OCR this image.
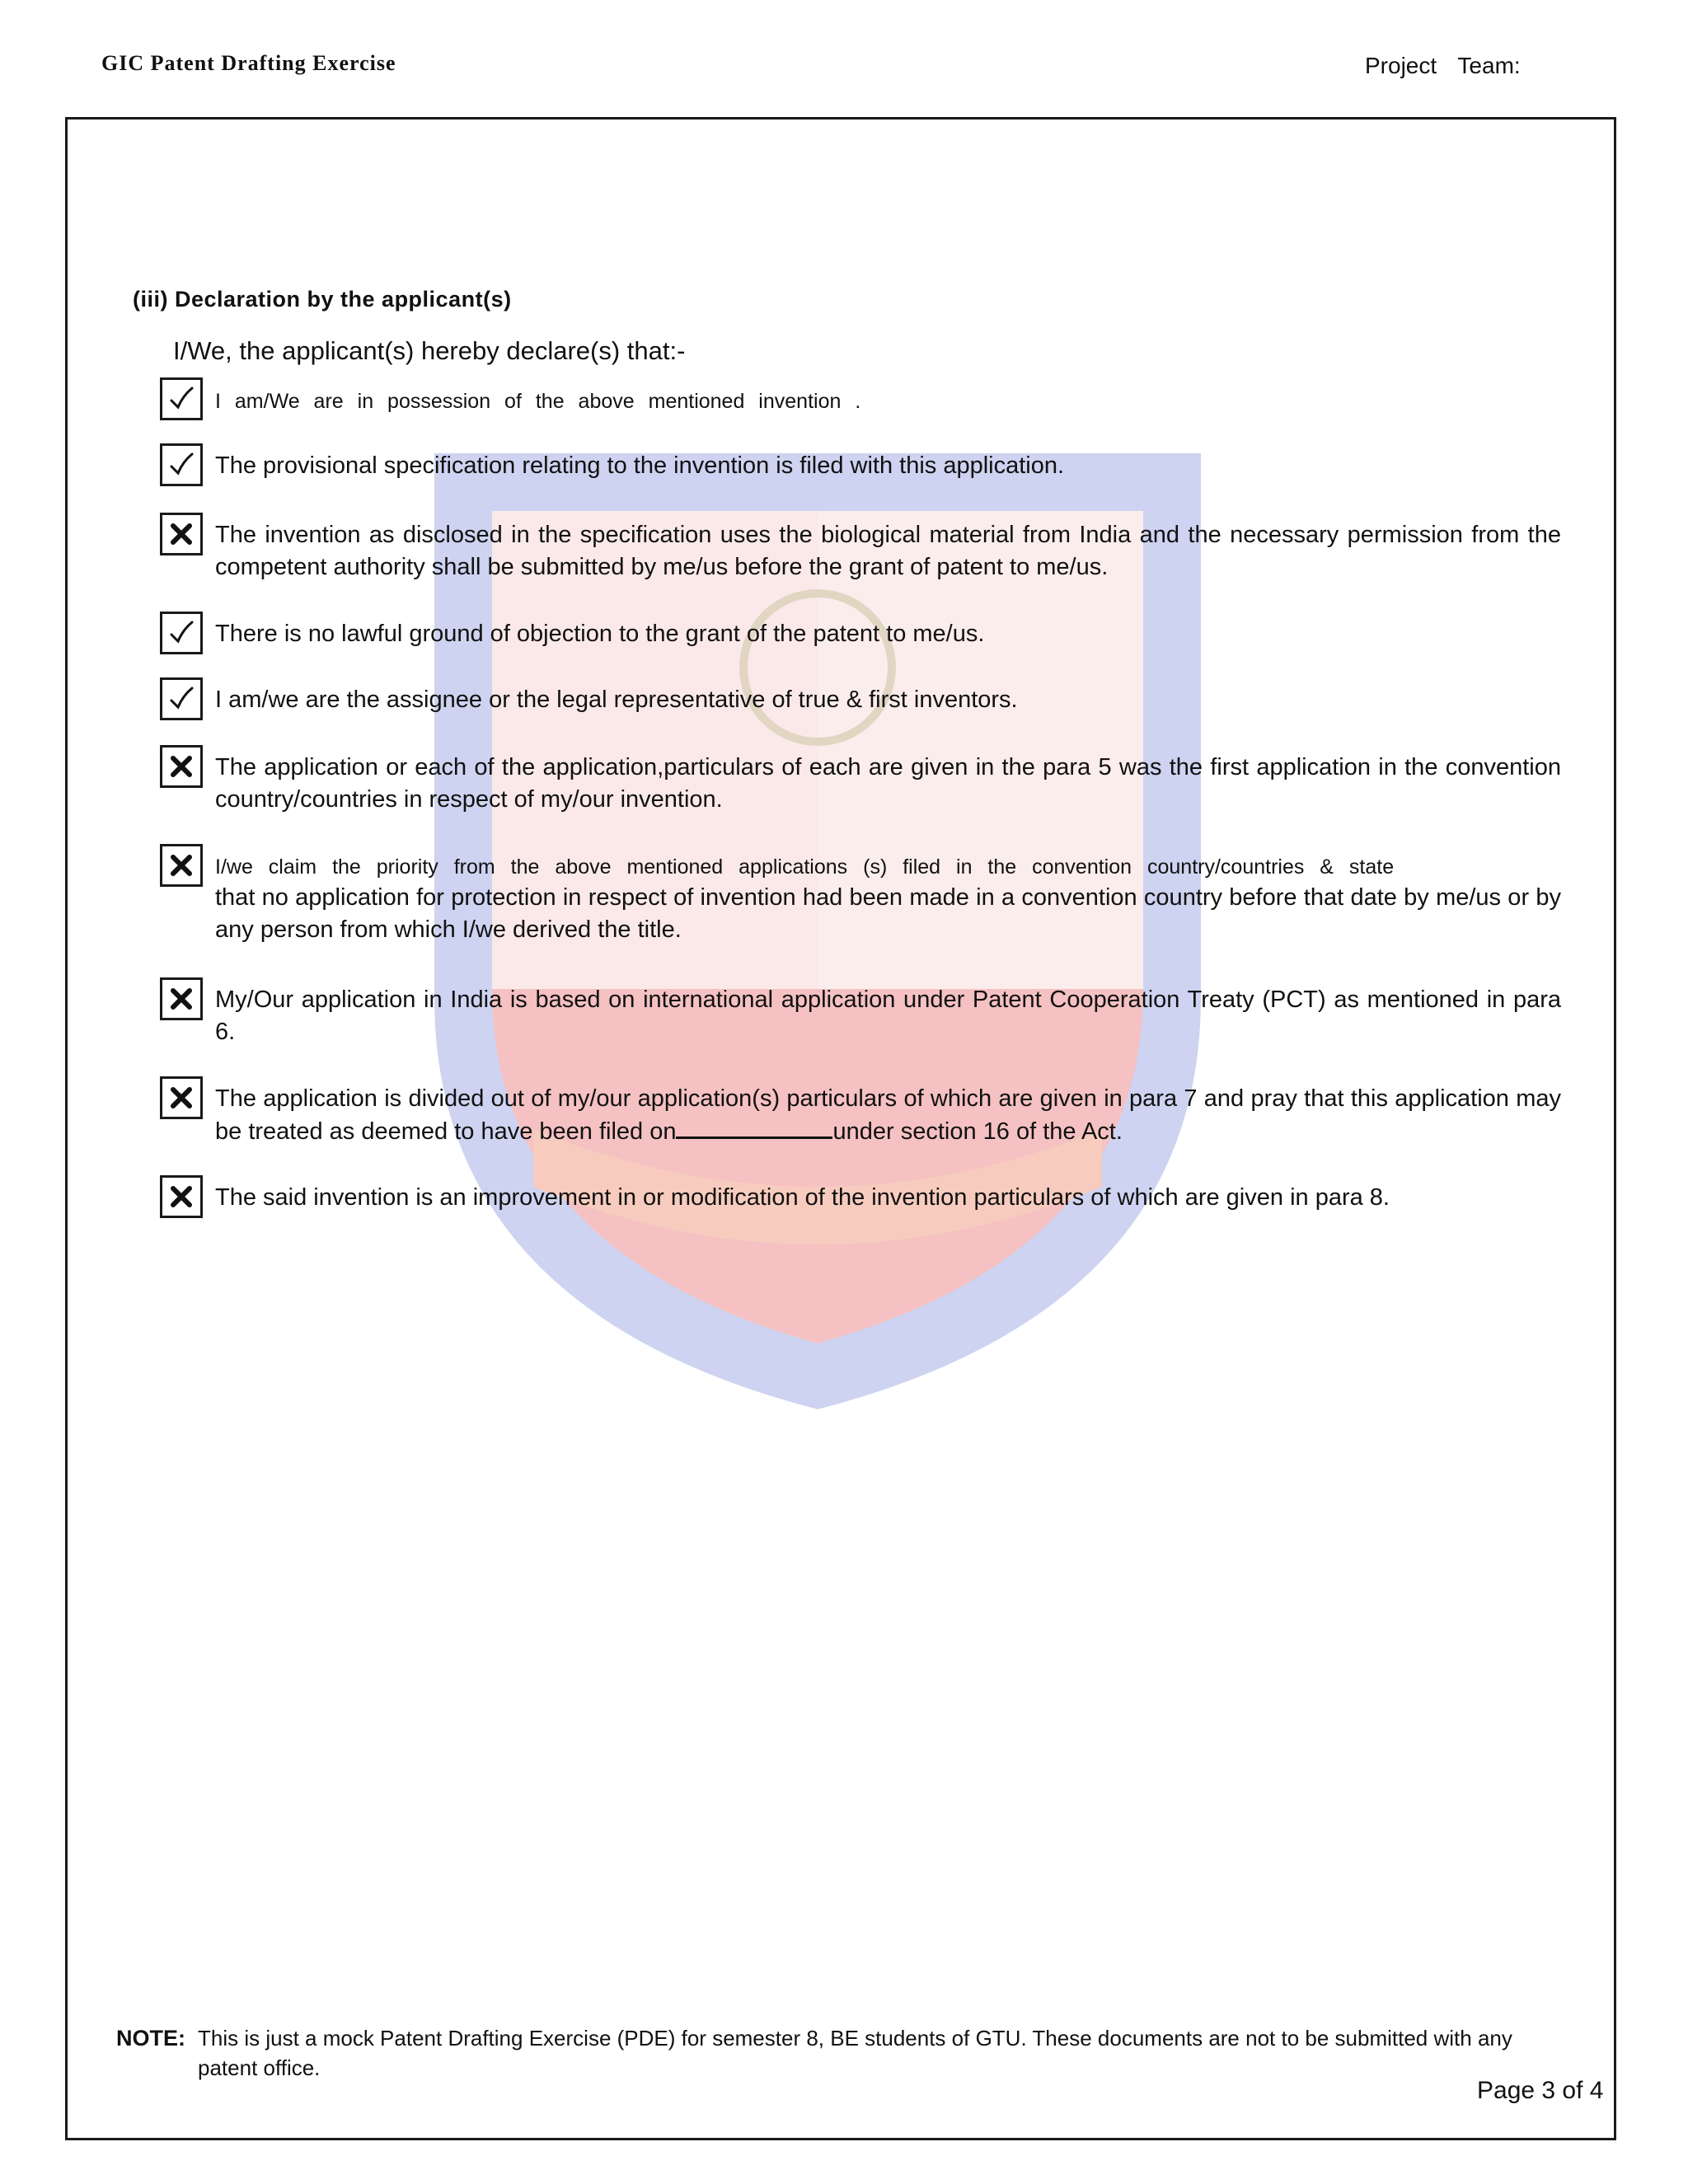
GIC Patent Drafting Exercise	Project Team:
(iii) Declaration by the applicant(s)
I/We, the applicant(s) hereby declare(s) that:-
I am/We are in possession of the above mentioned invention .
The provisional specification relating to the invention is filed with this application.
The invention as disclosed in the specification uses the biological material from India and the necessary permission from the competent authority shall be submitted by me/us before the grant of patent to me/us.
There is no lawful ground of objection to the grant of the patent to me/us.
I am/we are the assignee or the legal representative of true & first inventors.
The application or each of the application,particulars of each are given in the para 5 was the first application in the convention country/countries in respect of my/our invention.
I/we claim the priority from the above mentioned applications (s) filed in the convention country/countries & state
that no application for protection in respect of invention had been made in a convention country before that date by me/us or by any person from which I/we derived the title.
My/Our application in India is based on international application under Patent Cooperation Treaty (PCT) as mentioned in para 6.
The application is divided out of my/our application(s) particulars of which are given in para 7 and pray that this application may be treated as deemed to have been filed on	under section 16 of the Act.
The said invention is an improvement in or modification of the invention particulars of which are given in para 8.
NOTE: This is just a mock Patent Drafting Exercise (PDE) for semester 8, BE students of GTU. These documents are not to be submitted with any patent office.
Page 3 of 4
